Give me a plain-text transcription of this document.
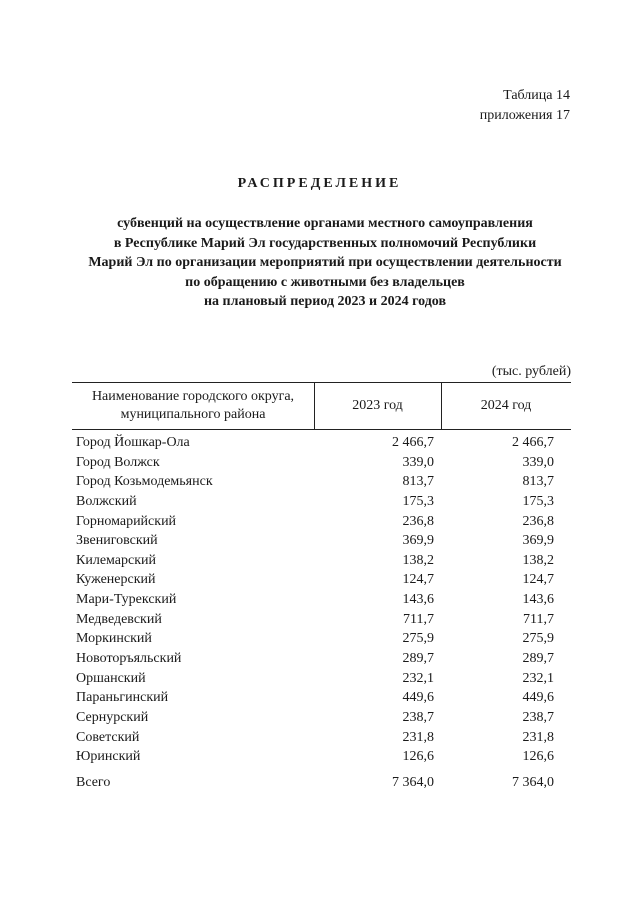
Таблица 14
приложения 17
РАСПРЕДЕЛЕНИЕ
субвенций на осуществление органами местного самоуправления
в Республике Марий Эл государственных полномочий Республики
Марий Эл по организации мероприятий при осуществлении деятельности
по обращению с животными без владельцев
на плановый период 2023 и 2024 годов
(тыс. рублей)
Наименование городского округа,
муниципального района
2023 год	2024 год
Город Йошкар-Ола	2 466,7	2 466,7
Город Волжск	339,0	339,0
Город Козьмодемьянск	813,7	813,7
Волжский	175,3	175,3
Горномарийский	236,8	236,8
Звениговский	369,9	369,9
Килемарский	138,2	138,2
Куженерский	124,7	124,7
Мари-Турекский	143,6	143,6
Медведевский	711,7	711,7
Моркинский	275,9	275,9
Новоторъяльский	289,7	289,7
Оршанский	232,1	232,1
Параньгинский	449,6	449,6
Сернурский	238,7	238,7
Советский	231,8	231,8
Юринский	126,6	126,6
Всего	7 364,0	7 364,0
